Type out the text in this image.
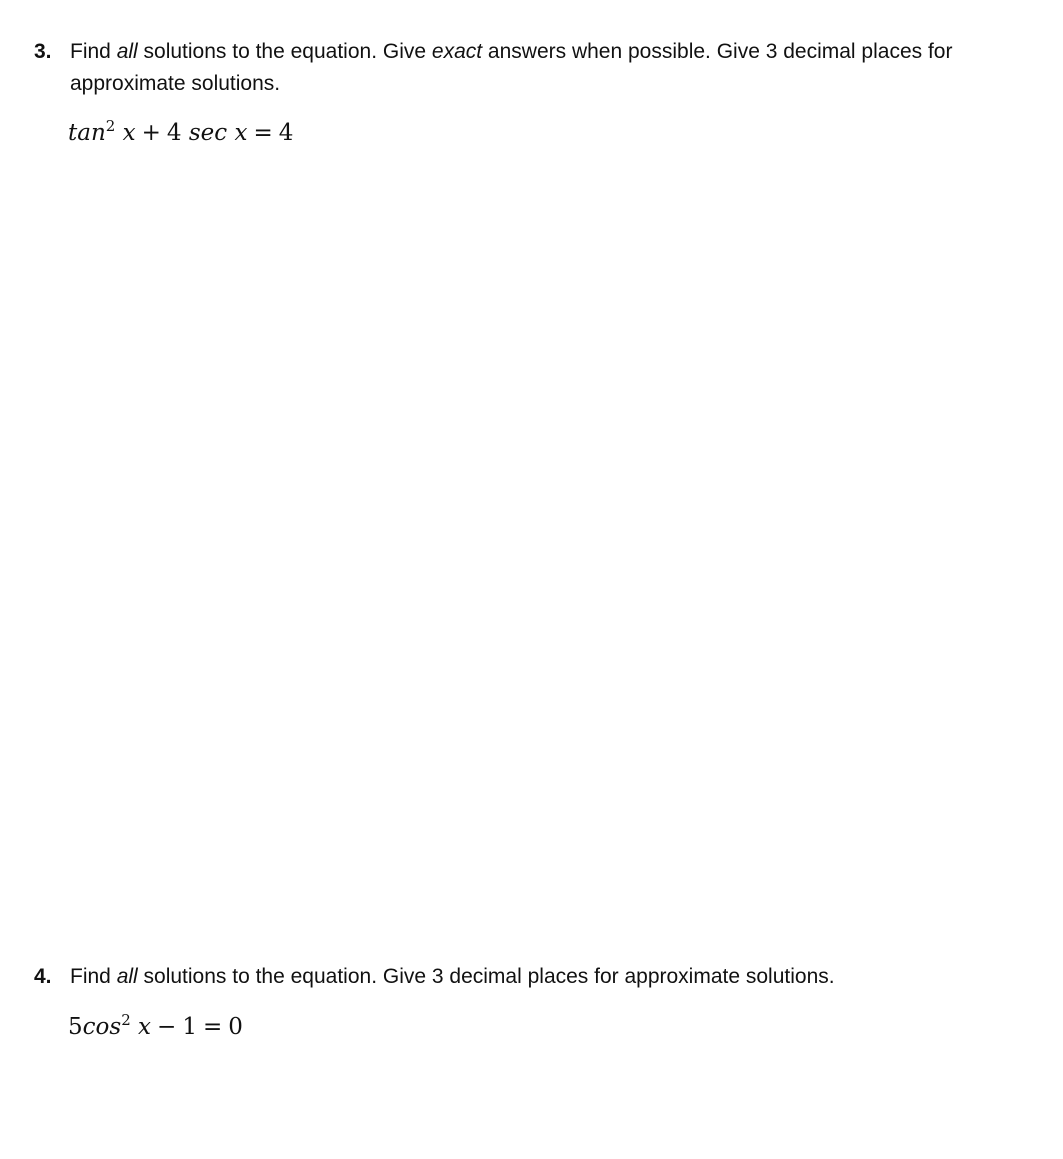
3. Find all solutions to the equation. Give exact answers when possible. Give 3 decimal places for approximate solutions.
$\tan^2 x + 4$ sec x = 4
4. Find all solutions to the equation. Give 3 decimal places for approximate solutions.
$5\cos^2$ x − 1 = 0
